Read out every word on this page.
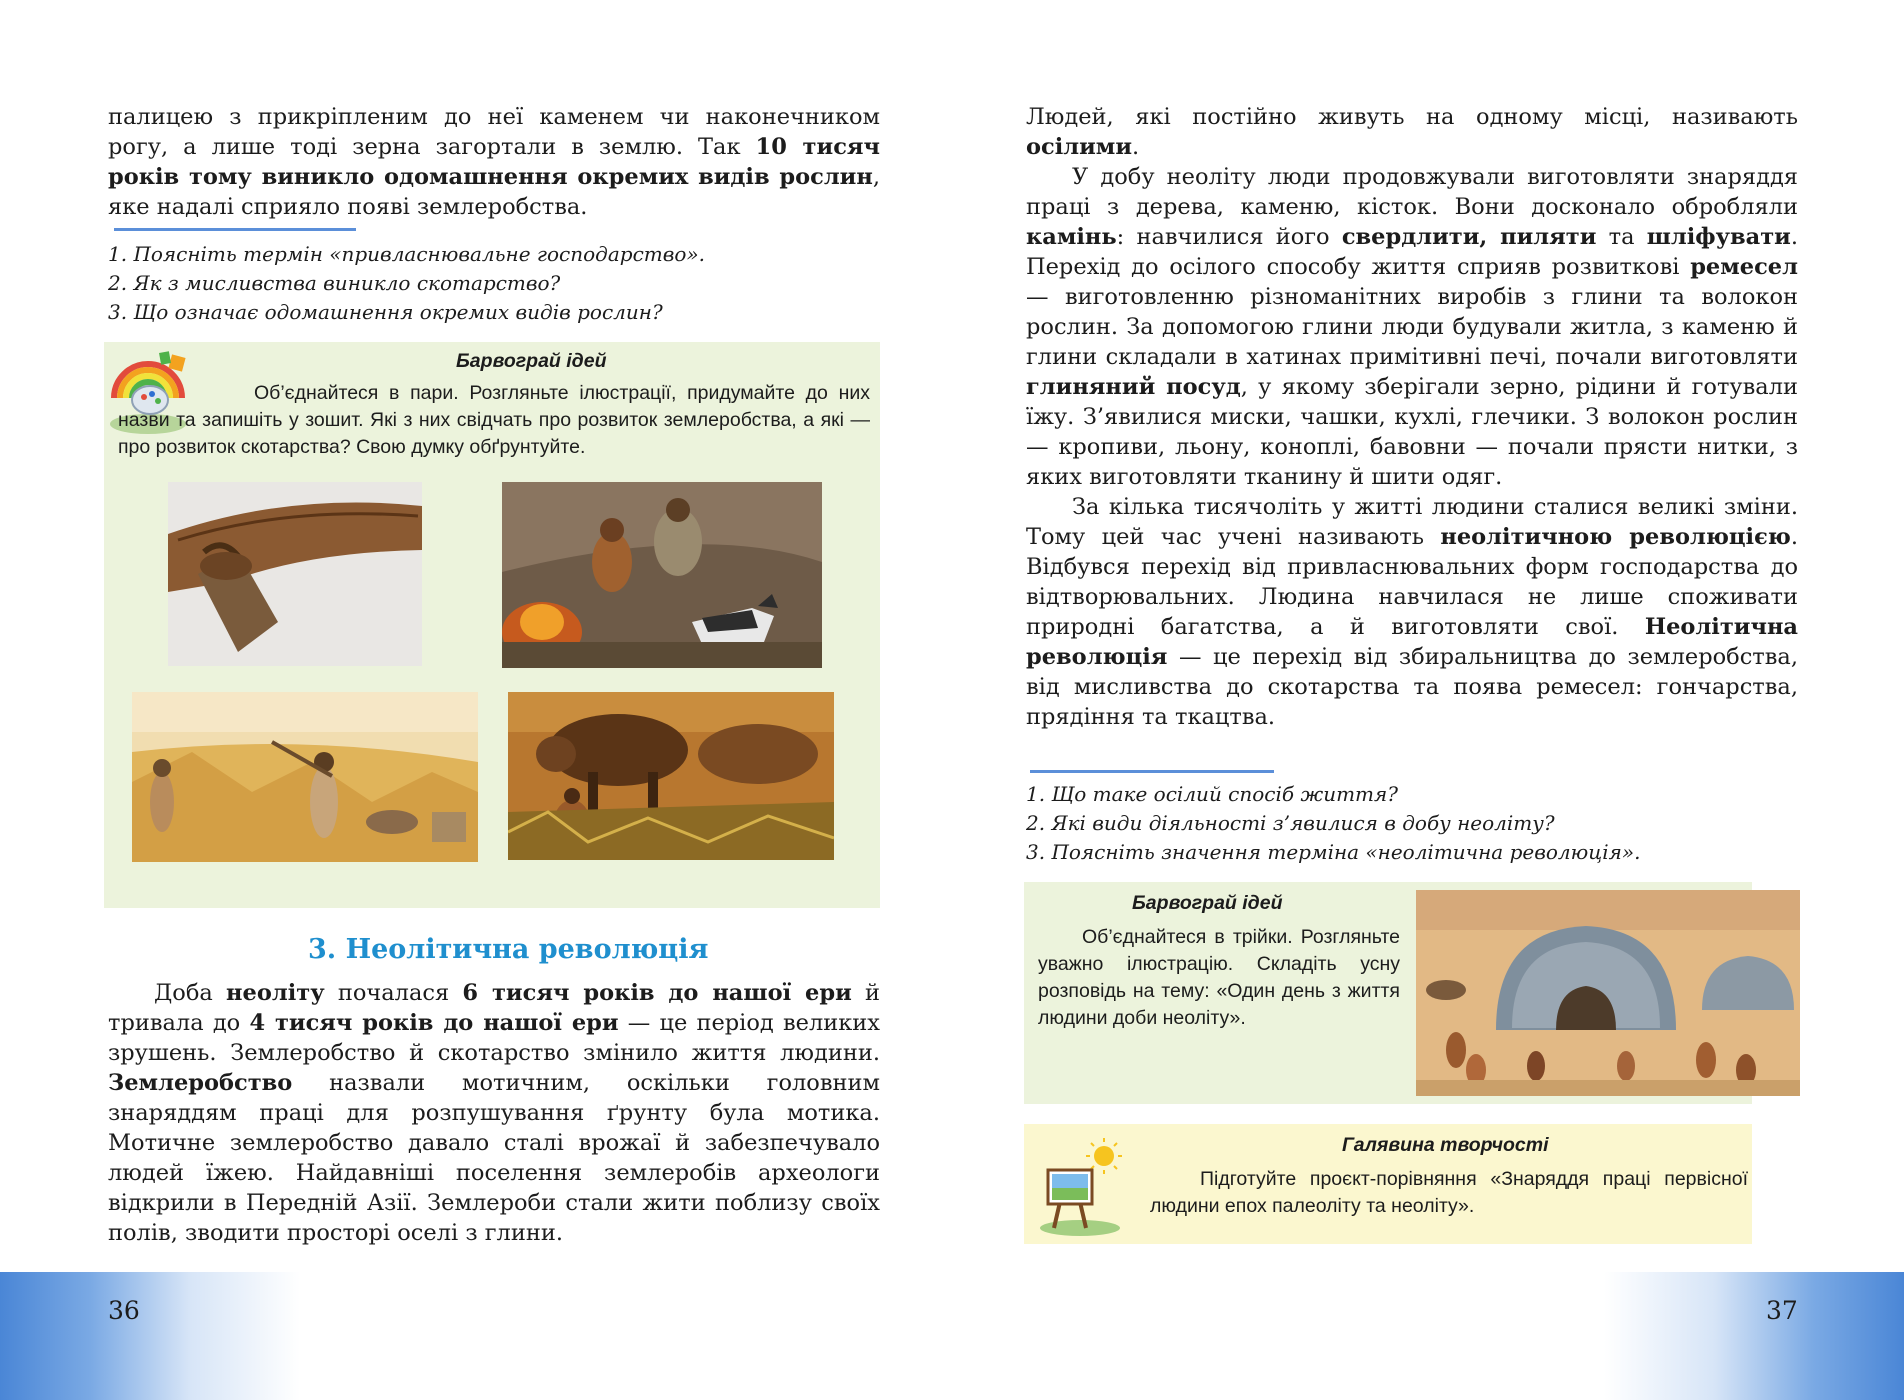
палицею з прикріпленим до неї каменем чи наконечником рогу, а лише тоді зерна загортали в землю. Так 10 тисяч років тому виникло одомашнення окремих видів рослин, яке надалі сприяло появі землеробства.

1. Поясніть термін «привласнювальне господарство».
2. Як з мисливства виникло скотарство?
3. Що означає одомашнення окремих видів рослин?
Барвограй ідей
Об’єднайтеся в пари. Розгляньте ілюстрації, придумайте до них назви та запишіть у зошит. Які з них свідчать про розвиток землеробства, а які — про розвиток скотарства? Свою думку обґрунтуйте.
3. Неолітична революція

Доба неоліту почалася 6 тисяч років до нашої ери й тривала до 4 тисяч років до нашої ери — це період великих зрушень. Землеробство й скотарство змінило життя людини. Землеробство назвали мотичним, оскільки головним знаряддям праці для розпушування ґрунту була мотика. Мотичне землеробство давало сталі врожаї й забезпечувало людей їжею. Найдавніші поселення землеробів археологи відкрили в Передній Азії. Землероби стали жити поблизу своїх полів, зводити просторі оселі з глини.

Людей, які постійно живуть на одному місці, називають осілими.

У добу неоліту люди продовжували виготовляти знаряддя праці з дерева, каменю, кісток. Вони досконало обробляли камінь: навчилися його свердлити, пиляти та шліфувати. Перехід до осілого способу життя сприяв розвиткові ремесел — виготовленню різноманітних виробів з глини та волокон рослин. За допомогою глини люди будували житла, з каменю й глини складали в хатинах примітивні печі, почали виготовляти глиняний посуд, у якому зберігали зерно, рідини й готували їжу. З’явилися миски, чашки, кухлі, глечики. З волокон рослин — кропиви, льону, коноплі, бавовни — почали прясти нитки, з яких виготовляти тканину й шити одяг.

За кілька тисячоліть у житті людини сталися великі зміни. Тому цей час учені називають неолітичною революцією. Відбувся перехід від привласнювальних форм господарства до відтворювальних. Людина навчилася не лише споживати природні багатства, а й виготовляти свої. Неолітична революція — це перехід від збиральництва до землеробства, від мисливства до скотарства та поява ремесел: гончарства, прядіння та ткацтва.

1. Що таке осілий спосіб життя?
2. Які види діяльності з’явилися в добу неоліту?
3. Поясніть значення терміна «неолітична революція».
Барвограй ідей
Об’єднайтеся в трійки. Розгляньте уважно ілюстрацію. Складіть усну розповідь на тему: «Один день з життя людини доби неоліту».
Галявина творчості
Підготуйте проєкт-порівняння «Знаряддя праці первісної людини епох палеоліту та неоліту».
36	37
